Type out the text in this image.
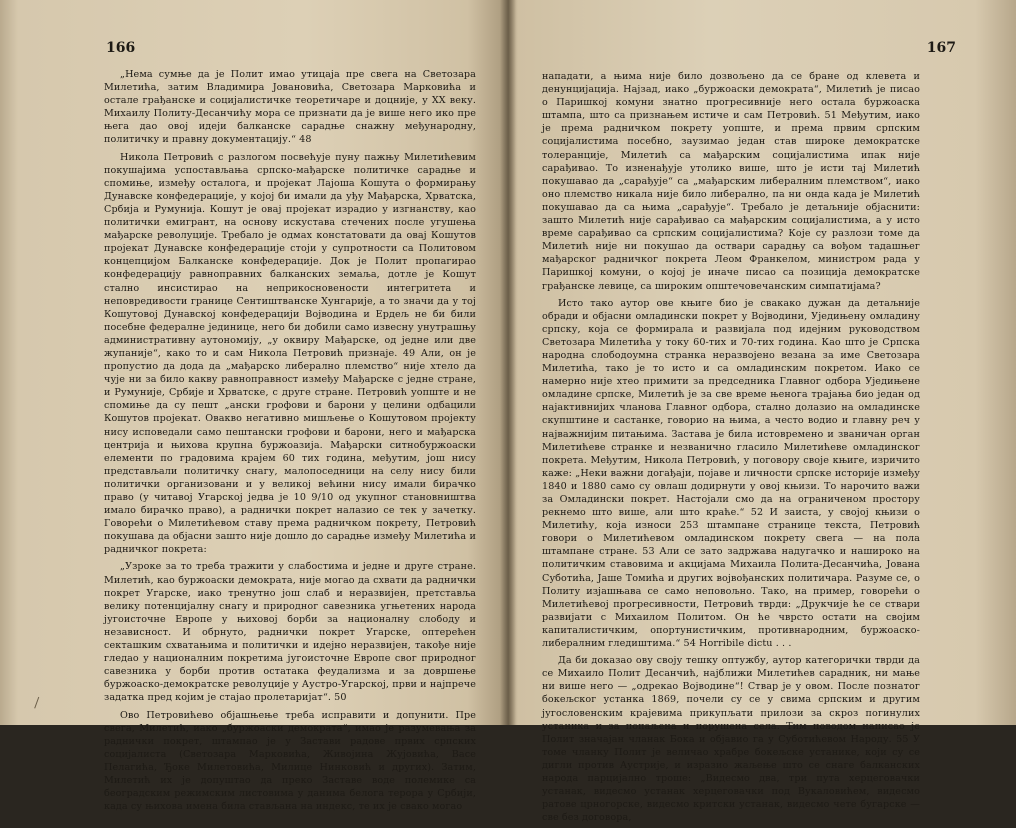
166

„Нема сумње да је Полит имао утицаја пре свега на Светозара Милетића, затим Владимира Јовановића, Светозара Марковића и остале грађанске и социјалистичке теоретичаре и доцније, у XX веку. Михаилу Политу-Десанчићу мора се признати да је више него ико пре њега дао овој идеји балканске сарадње снажну међународну, политичку и правну документацију.“ 48

Никола Петровић с разлогом посвећује пуну пажњу Милетићевим покушајима успостављања српско-мађарске политичке сарадње и спомиње, између осталога, и пројекат Лајоша Кошута о формирању Дунавске конфедерације, у којој би имали да уђу Мађарска, Хрватска, Србија и Румунија. Кошут је овај пројекат израдио у изгнанству, као политички емигрант, на основу искустава стечених после угушења мађарске револуције. Требало је одмах констатовати да овај Кошутов пројекат Дунавске конфедерације стоји у супротности са Политовом концепцијом Балканске конфедерације. Док је Полит пропагирао конфедерацију равноправних балканских земаља, дотле је Кошут стално инсистирао на неприкосновености интегритета и неповредивости границе Сентиштванске Хунгарије, а то значи да у тој Кошутовој Дунавској конфедерацији Војводина и Ердељ не би били посебне федералне јединице, него би добили само извесну унутрашњу административну аутономију, „у оквиру Мађарске, од једне или две жупаније“, како то и сам Никола Петровић признаје. 49 Али, он је пропустио да дода да „мађарско либерално племство“ није хтело да чује ни за било какву равноправност између Мађарске с једне стране, и Румуније, Србије и Хрватске, с друге стране. Петровић уопште и не спомиње да су пешт „ански грофови и барони у целини одбацили Кошутов пројекат. Овакво негативно мишљење о Кошутовом пројекту нису исповедали само пештански грофови и барони, него и мађарска центрија и њихова крупна буржоазија. Мађарски ситнобуржоаски елементи по градовима крајем 60 тих година, међутим, још нису представљали политичку снагу, малопоседници на селу нису били политички организовани и у великој већини нису имали бирачко право (у читавој Угарској једва је 10 9/10 од укупног становништва имало бирачко право), а раднички покрет налазио се тек у зачетку. Говорећи о Милетићевом ставу према радничком покрету, Петровић покушава да објасни зашто није дошло до сарадње између Милетића и радничког покрета:

„Узроке за то треба тражити у слабостима и једне и друге стране. Милетић, као буржоаски демократа, није могао да схвати да раднички покрет Угарске, иако тренутно још слаб и неразвијен, претставља велику потенцијалну снагу и природног савезника угњетених народа југоисточне Европе у њиховој борби за националну слободу и независност. И обрнуто, раднички покрет Угарске, оптерећен секташким схватањима и политички и идејно неразвијен, такође није гледао у националним покретима југоисточне Европе свог природног савезника у борби против остатака феудализма и за довршење буржоаско-демократске револуције у Аустро-Угарској, први и најпрече задатка пред којим је стајао пролетаријат“. 50

Ово Петровићево објашњење треба исправити и допунити. Пре свега, Милетић, иако „буржоаски демократа“, имао је разумевања за раднички покрет, штампао је у Застави радове првих српских социјалиста (Светозара Марковића, Живојина Жујовића, Васе Пелагића, Ђоке Милетовића, Милице Нинковић и других). Затим, Милетић их је допуштао да преко Заставе воде полемике са београдским режимским листовима у данима белога терора у Србији, када су њихова имена била стављана на индекс, те их је свако могао

167

нападати, а њима није било дозвољено да се бране од клевета и денунцијација. Најзад, иако „буржоаски демократа“, Милетић је писао о Паришкој комуни знатно прогресивније него остала буржоаска штампа, што са признањем истиче и сам Петровић. 51 Међутим, иако је према радничком покрету уопште, и према првим српским социјалистима посебно, заузимао један став широке демократске толеранције, Милетић са мађарским социјалистима ипак није сарађивао. То изненађује утолико више, што је исти тај Милетић покушавао да „сарађује“ са „мађарским либералним племством“, иако оно племство никала није било либерално, па ни онда када је Милетић покушавао да са њима „сарађује“. Требало је детаљније објаснити: зашто Милетић није сарађивао са мађарским социјалистима, а у исто време сарађивао са српским социјалистима? Које су разлози томе да Милетић није ни покушао да оствари сарадњу са вођом тадашњег мађарског радничког покрета Леом Франкелом, министром рада у Паришкој комуни, о којој је иначе писао са позиција демократске грађанске левице, са широким општечовечанским симпатијама?

Исто тако аутор ове књиге био је свакако дужан да детаљније обради и објасни омладински покрет у Војводини, Уједињену омладину српску, која се формирала и развијала под идејним руководством Светозара Милетића у току 60-тих и 70-тих година. Као што је Српска народна слободоумна странка неразвојено везана за име Светозара Милетића, тако је то исто и са омладинским покретом. Иако се намерно није хтео примити за председника Главног одбора Уједињене омладине српске, Милетић је за све време њенога трајања био један од најактивнијих чланова Главног одбора, стално долазио на омладинске скупштине и састанке, говорио на њима, а често водио и главну реч у најважнијим питањима. Застава је била истовремено и званичан орган Милетићеве странке и незванично гласило Милетићеве омладинског покрета. Међутим, Никола Петровић, у поговору своје књиге, изричито каже: „Неки важни догађаји, појаве и личности српске историје између 1840 и 1880 само су овлаш додирнути у овој књизи. То нарочито важи за Омладински покрет. Настојали смо да на ограниченом простору рекнемо што више, али што краће.“ 52 И заиста, у својој књизи о Милетићу, која износи 253 штампане странице текста, Петровић говори о Милетићевом омладинском покрету свега — на пола штампане стране. 53 Али се зато задржава надугачко и нашироко на политичким ставовима и акцијама Михаила Полита-Десанчића, Јована Суботића, Јаше Томића и других војвођанских политичара. Разуме се, о Политу изјашњава се само неповољно. Тако, на пример, говорећи о Милетићевој прогресивности, Петровић тврди: „Друкчије ће се ствари развијати с Михаилом Политом. Он ће чврсто остати на својим капиталистичким, опортунистичким, противнародним, буржоаско-либералним гледиштима.“ 54 Horribile dictu . . .

Да би доказао ову своју тешку оптужбу, аутор категорички тврди да се Михаило Полит Десанчић, најближи Милетићев сарадник, ни мање ни више него — „одрекао Војводине“! Ствар је у овом. После познатог бокељског устанка 1869, почели су се у свима српским и другим југословенским крајевима прикупљати прилози за скроз погинулих устаника и за попаљена и порушена села. Тим поводом написао је Полит значајан чланак Бока и објавио га у Суботићевом Народу. 55 У томе чланку Полит је величао храбре бокељске устанике, који су се дигли против Аустрије, и изразио жаљење што се снаге балканских народа парцијално троше: „Видесмо два, три пута херцеговачки устанак, видесмо устанак херцеговачки под Вукаловићем, видесмо ратове црногорске, видесмо критски устанак, видесмо чете бугарске — све без договора,
